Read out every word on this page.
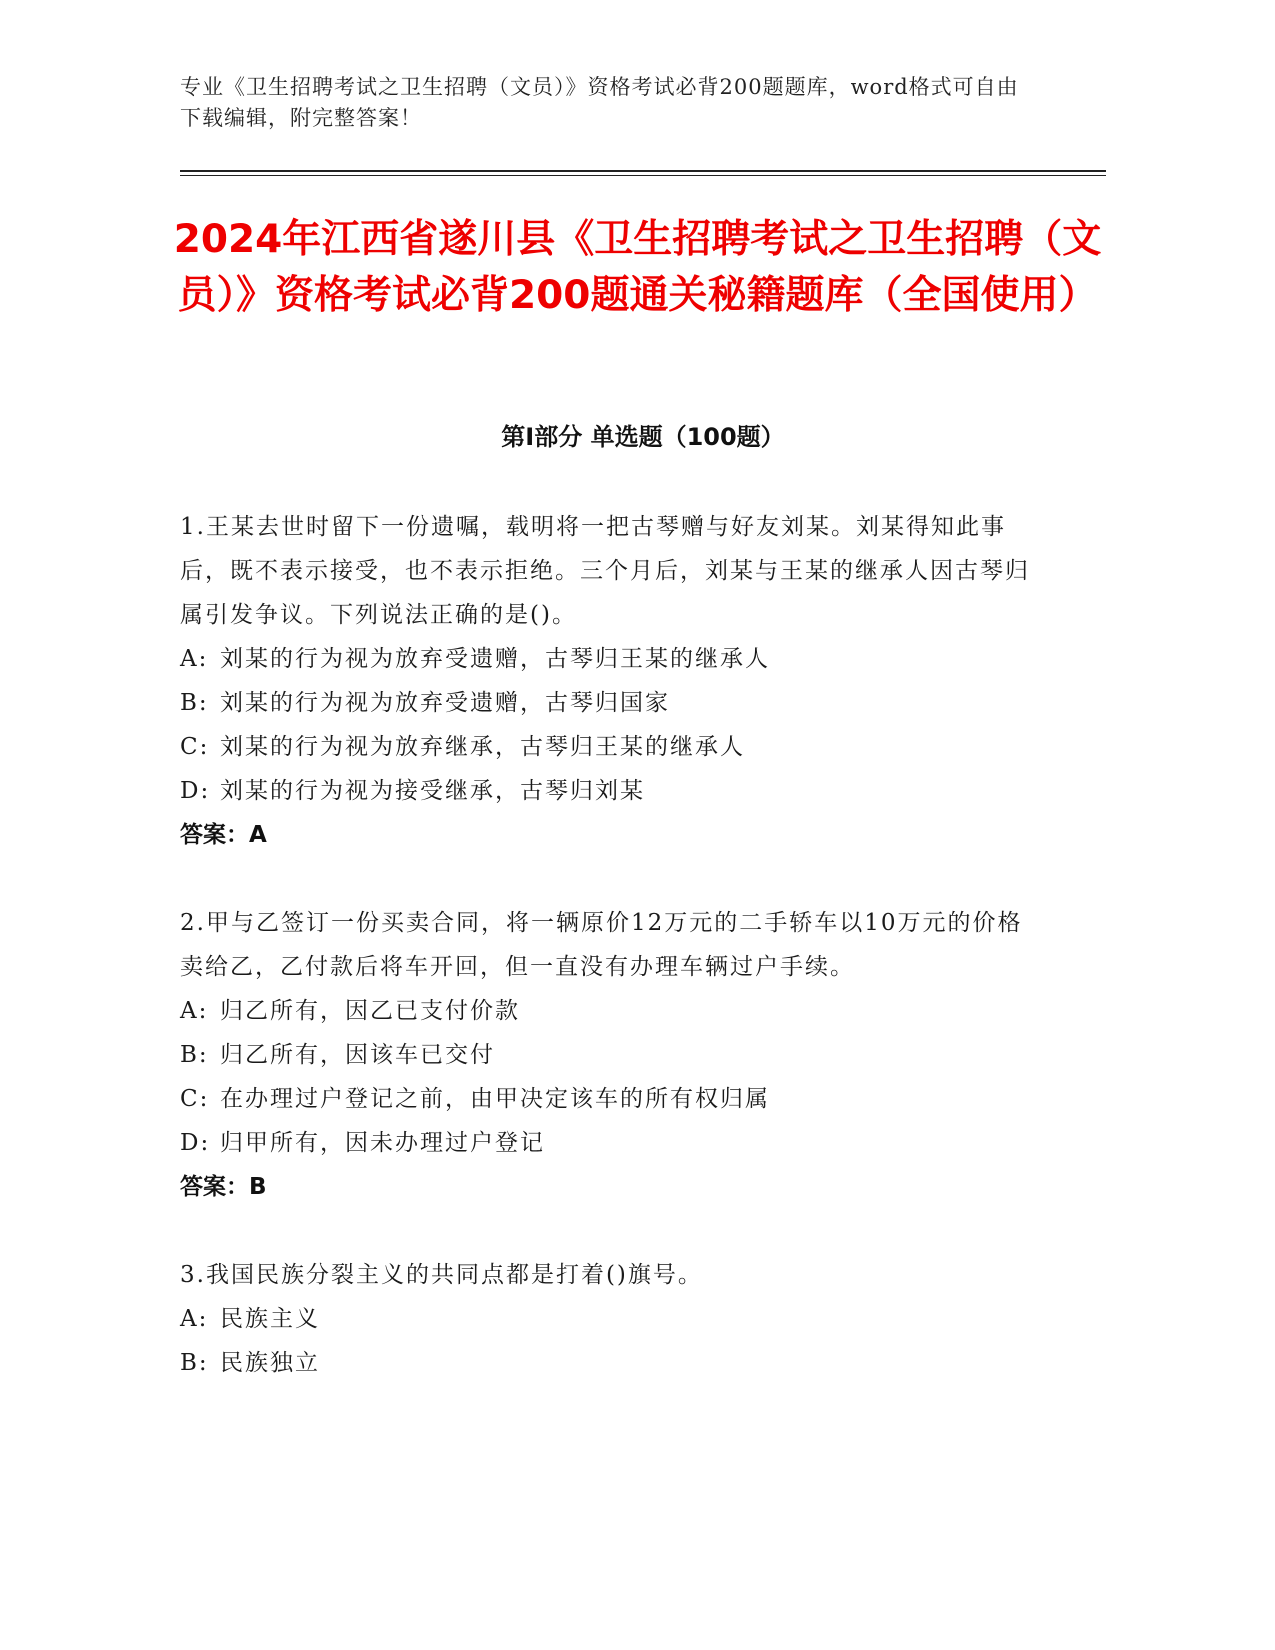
专业《卫生招聘考试之卫生招聘（文员）》资格考试必背200题题库，word格式可自由下载编辑，附完整答案！
2024年江西省遂川县《卫生招聘考试之卫生招聘（文员）》资格考试必背200题通关秘籍题库（全国使用）
第Ⅰ部分 单选题（100题）
1.王某去世时留下一份遗嘱，载明将一把古琴赠与好友刘某。刘某得知此事后，既不表示接受，也不表示拒绝。三个月后，刘某与王某的继承人因古琴归属引发争议。下列说法正确的是()。
A: 刘某的行为视为放弃受遗赠，古琴归王某的继承人
B: 刘某的行为视为放弃受遗赠，古琴归国家
C: 刘某的行为视为放弃继承，古琴归王某的继承人
D: 刘某的行为视为接受继承，古琴归刘某
答案：A
2.甲与乙签订一份买卖合同，将一辆原价12万元的二手轿车以10万元的价格卖给乙，乙付款后将车开回，但一直没有办理车辆过户手续。
A: 归乙所有，因乙已支付价款
B: 归乙所有，因该车已交付
C: 在办理过户登记之前，由甲决定该车的所有权归属
D: 归甲所有，因未办理过户登记
答案：B
3.我国民族分裂主义的共同点都是打着()旗号。
A: 民族主义
B: 民族独立
